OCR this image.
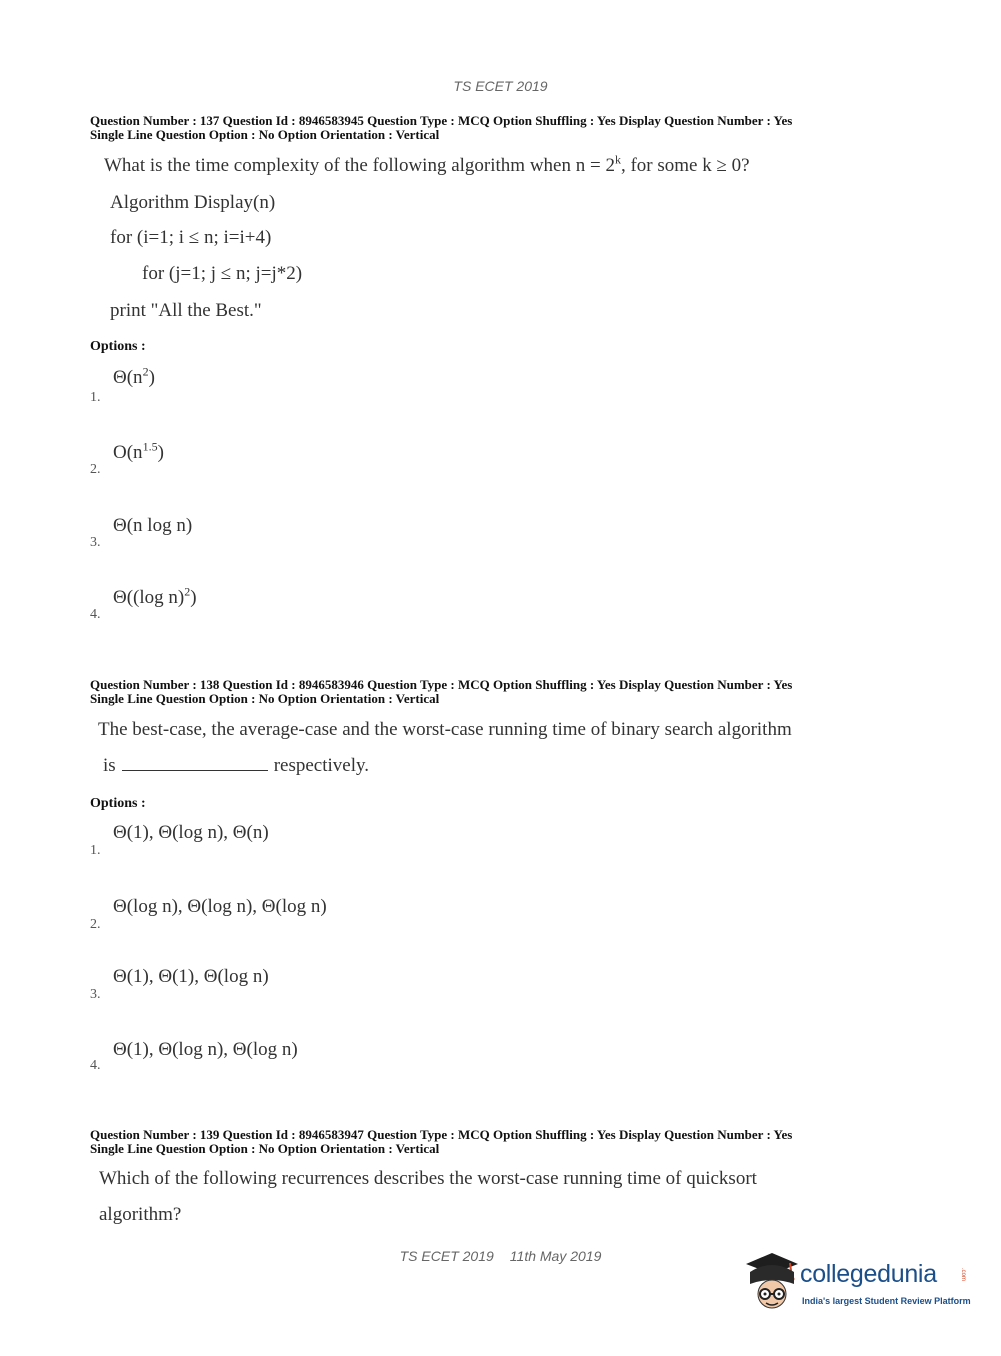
TS ECET 2019
Question Number : 137 Question Id : 8946583945 Question Type : MCQ Option Shuffling : Yes Display Question Number : Yes
Single Line Question Option : No Option Orientation : Vertical
What is the time complexity of the following algorithm when $n = 2^k$, for some k ≥ 0?
Algorithm Display(n)
for (i=1; i ≤ n; i=i+4)
for (j=1; j ≤ n; j=j*2)
print "All the Best."
Options :
$\Theta(n^2)$
1.
$O(n^{1.5})$
2.
Θ(n log n)
3.
Θ((log n)$^2$)
4.
Question Number : 138 Question Id : 8946583946 Question Type : MCQ Option Shuffling : Yes Display Question Number : Yes
Single Line Question Option : No Option Orientation : Vertical
The best-case, the average-case and the worst-case running time of binary search algorithm
is	respectively.
Options :
Θ(1), Θ(log n), Θ(n)
1.
Θ(log n), Θ(log n), Θ(log n)
2.
Θ(1), Θ(1), Θ(log n)
3.
Θ(1), Θ(log n), Θ(log n)
4.
Question Number : 139 Question Id : 8946583947 Question Type : MCQ Option Shuffling : Yes Display Question Number : Yes
Single Line Question Option : No Option Orientation : Vertical
Which of the following recurrences describes the worst-case running time of quicksort
algorithm?
TS ECET 2019 11th May 2019
collegedunia	.com
India's largest Student Review Platform
